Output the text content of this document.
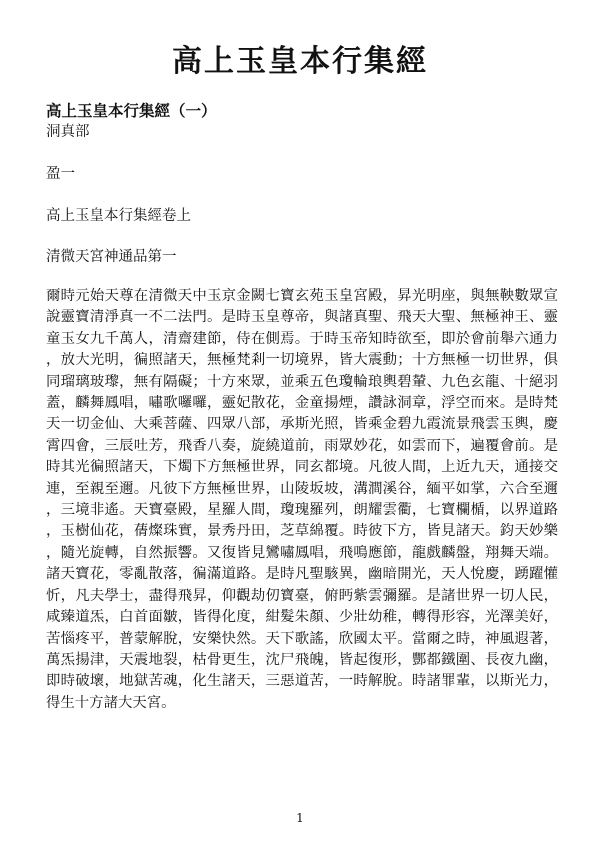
高上玉皇本行集經
高上玉皇本行集經（一）

洞真部

盈一

高上玉皇本行集經卷上

清微天宮神通品第一

爾時元始天尊在清微天中玉京金闕七寶玄苑玉皇宮殿，昇光明座，與無鞅數眾宣說靈寶清淨真一不二法門。是時玉皇尊帝，與諸真聖、飛天大聖、無極神王、靈童玉女九千萬人，清齋建節，侍在側焉。于時玉帝知時欲至，即於會前舉六通力，放大光明，徧照諸天，無極梵剎一切境界，皆大震動；十方無極一切世界，俱同瑠璃玻瓈，無有隔礙；十方來眾，並乘五色瓊輪琅輿碧輦、九色玄龍、十絕羽蓋，麟舞鳳唱，嘯歌囉囉，靈妃散花，金童揚煙，讚詠洞章，浮空而來。是時梵天一切金仙、大乘菩薩、四眾八部，承斯光照，皆乘金碧九霞流景飛雲玉輿，慶霄四會，三辰吐芳，飛香八奏，旋繞道前，雨眾妙花，如雲而下，遍覆會前。是時其光徧照諸天，下燭下方無極世界，同玄都境。凡彼人間，上近九天，通接交連，至親至邇。凡彼下方無極世界，山陵坂坡，溝澗溪谷，緬平如掌，六合至邇，三境非遙。天寶臺殿，星羅人間，瓊瑰羅列，朗耀雲衢，七寶欄楯，以界道路，玉樹仙花，蒨燦珠實，景秀丹田，芝草綿覆。時彼下方，皆見諸天。鈞天妙樂，隨光旋轉，自然振響。又復皆見鸞嘯鳳唱，飛鳴應節，龍戲麟盤，翔舞天端。諸天寶花，零亂散落，徧滿道路。是時凡聖駭異，幽暗開光，天人悅慶，踴躍懽忻，凡夫學士，盡得飛昇，仰觀劫仞寶臺，俯眄紫雲彌羅。是諸世界一切人民，咸臻道炁，白首面皺，皆得化度，紺髮朱顏、少壯幼稚，轉得形容，光澤美好，苦惱疼平，普蒙解脫，安樂快然。天下歌謠，欣國太平。當爾之時，神風遐著，萬炁揚津，天震地裂，枯骨更生，沈尸飛魄，皆起復形，酆都鐵圍、長夜九幽，即時破壞，地獄苦魂，化生諸天，三惡道苦，一時解脫。時諸罪輩，以斯光力，得生十方諸大天宮。

1
